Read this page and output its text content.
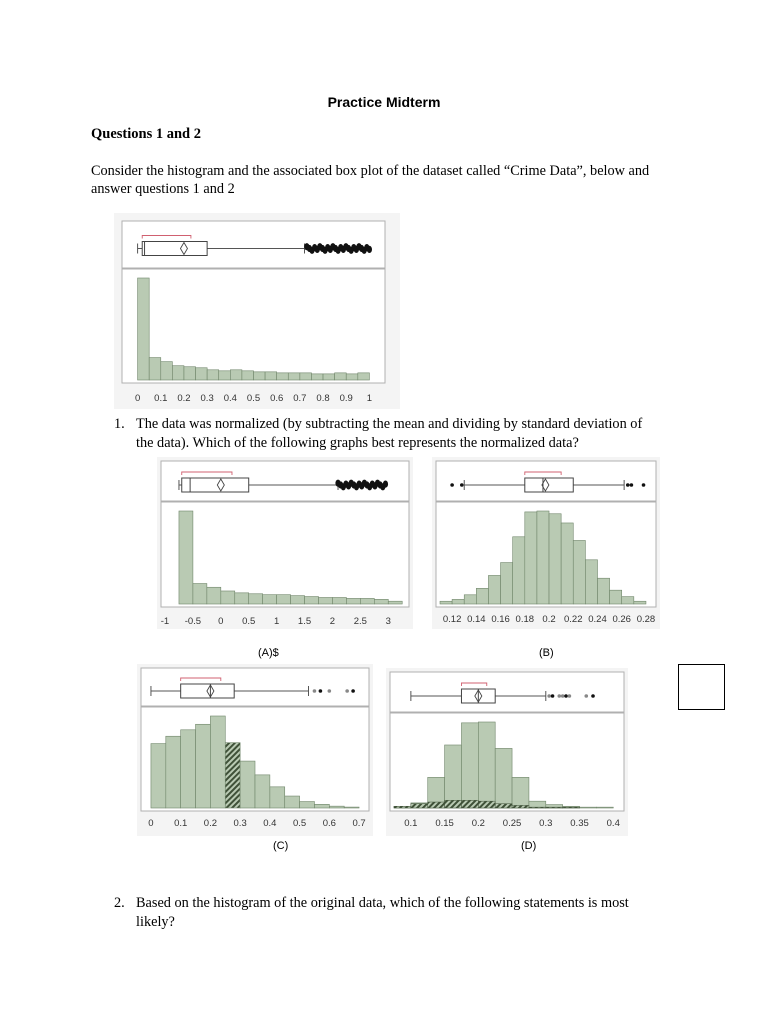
Practice Midterm
Questions 1 and 2
Consider the histogram and the associated box plot of the dataset called “Crime Data”, below and answer questions 1 and 2
0 0.1 0.2 0.3 0.4 0.5 0.6 0.7 0.8 0.9 1
1. The data was normalized (by subtracting the mean and dividing by standard deviation of
the data). Which of the following graphs best represents the normalized data?
-1 -0.5 0 0.5 1 1.5 2 2.5 3	0.12 0.14 0.16 0.18 0.2 0.22 0.24 0.26 0.28
(A)$	(B)
0 0.1 0.2 0.3 0.4 0.5 0.6 0.7	0.1 0.15 0.2 0.25 0.3 0.35 0.4
(C)	(D)
2. Based on the histogram of the original data, which of the following statements is most
likely?
